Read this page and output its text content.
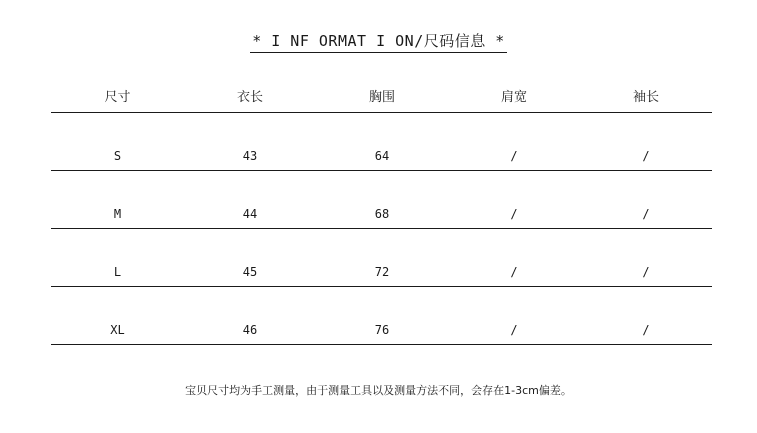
* I NF ORMAT I ON/尺码信息 *
尺寸	衣长	胸围	肩宽	袖长
S	43	64	/	/
M	44	68	/	/
L	45	72	/	/
XL	46	76	/	/
宝贝尺寸均为手工测量，由于测量工具以及测量方法不同，会存在1-3cm偏差。
